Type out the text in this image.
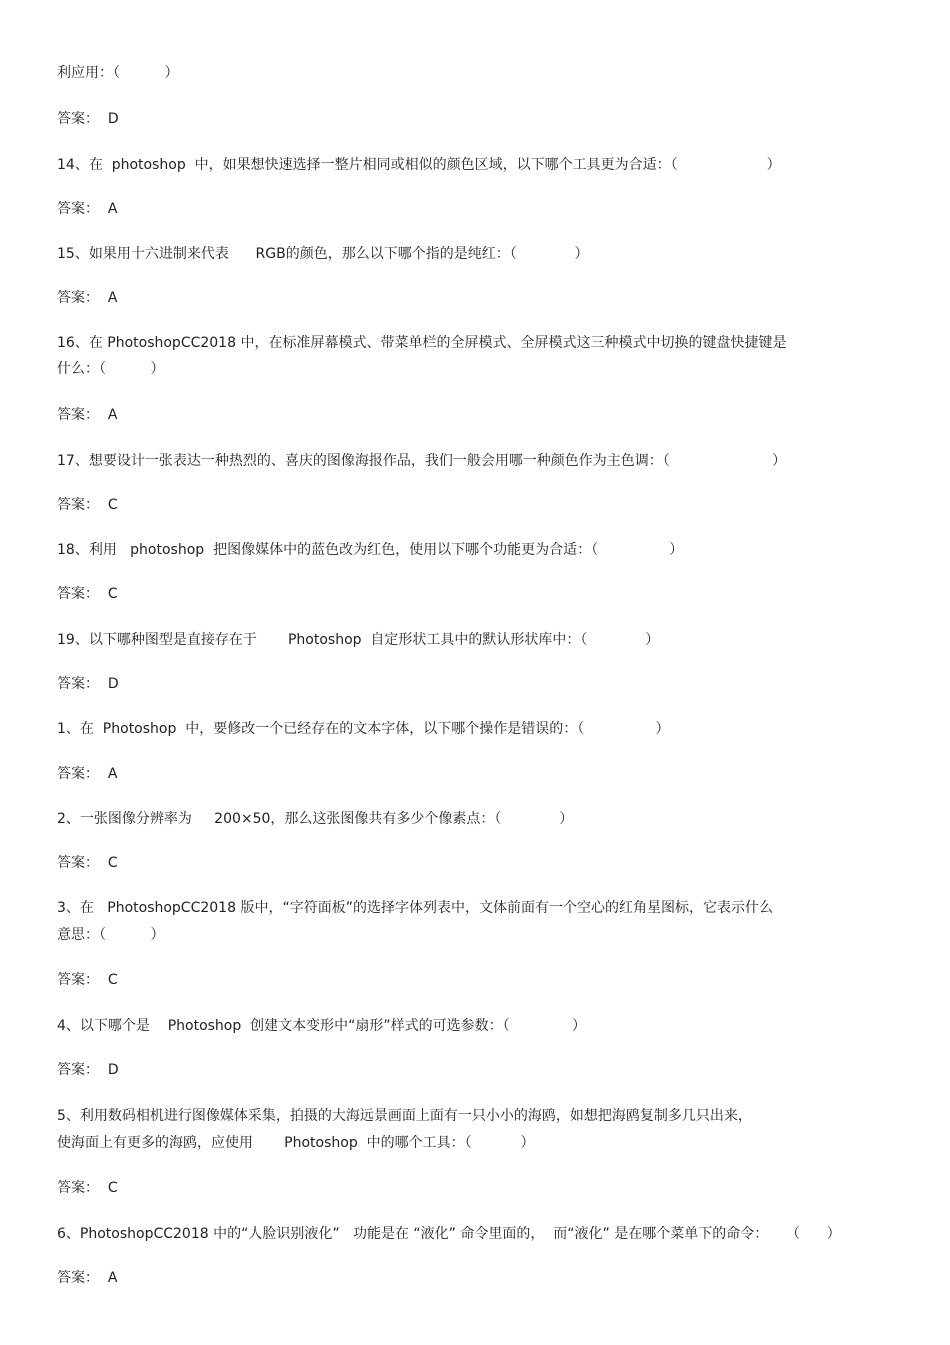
利应用：（          ）

答案：  D

14、在  photoshop  中，如果想快速选择一整片相同或相似的颜色区域，以下哪个工具更为合适：（                    ）

答案：  A

15、如果用十六进制来代表      RGB的颜色，那么以下哪个指的是纯红：（             ）

答案：  A

16、在 PhotoshopCC2018 中，在标准屏幕模式、带菜单栏的全屏模式、全屏模式这三种模式中切换的键盘快捷键是

什么：（          ）

答案：  A

17、想要设计一张表达一种热烈的、喜庆的图像海报作品，我们一般会用哪一种颜色作为主色调：（                       ）

答案：  C

18、利用   photoshop  把图像媒体中的蓝色改为红色，使用以下哪个功能更为合适：（                ）

答案：  C

19、以下哪种图型是直接存在于       Photoshop  自定形状工具中的默认形状库中：（             ）

答案：  D

1、在  Photoshop  中，要修改一个已经存在的文本字体，以下哪个操作是错误的：（                ）

答案：  A

2、一张图像分辨率为     200×50，那么这张图像共有多少个像素点：（             ）

答案：  C

3、在   PhotoshopCC2018 版中，“字符面板”的选择字体列表中，文体前面有一个空心的红角星图标，它表示什么

意思：（          ）

答案：  C

4、以下哪个是    Photoshop  创建文本变形中“扇形”样式的可选参数：（              ）

答案：  D

5、利用数码相机进行图像媒体采集，拍摄的大海远景画面上面有一只小小的海鸥，如想把海鸥复制多几只出来，

使海面上有更多的海鸥，应使用       Photoshop  中的哪个工具：（           ）

答案：  C

6、PhotoshopCC2018 中的“人脸识别液化”   功能是在 “液化” 命令里面的，  而“液化” 是在哪个菜单下的命令：    （      ）

答案：  A
